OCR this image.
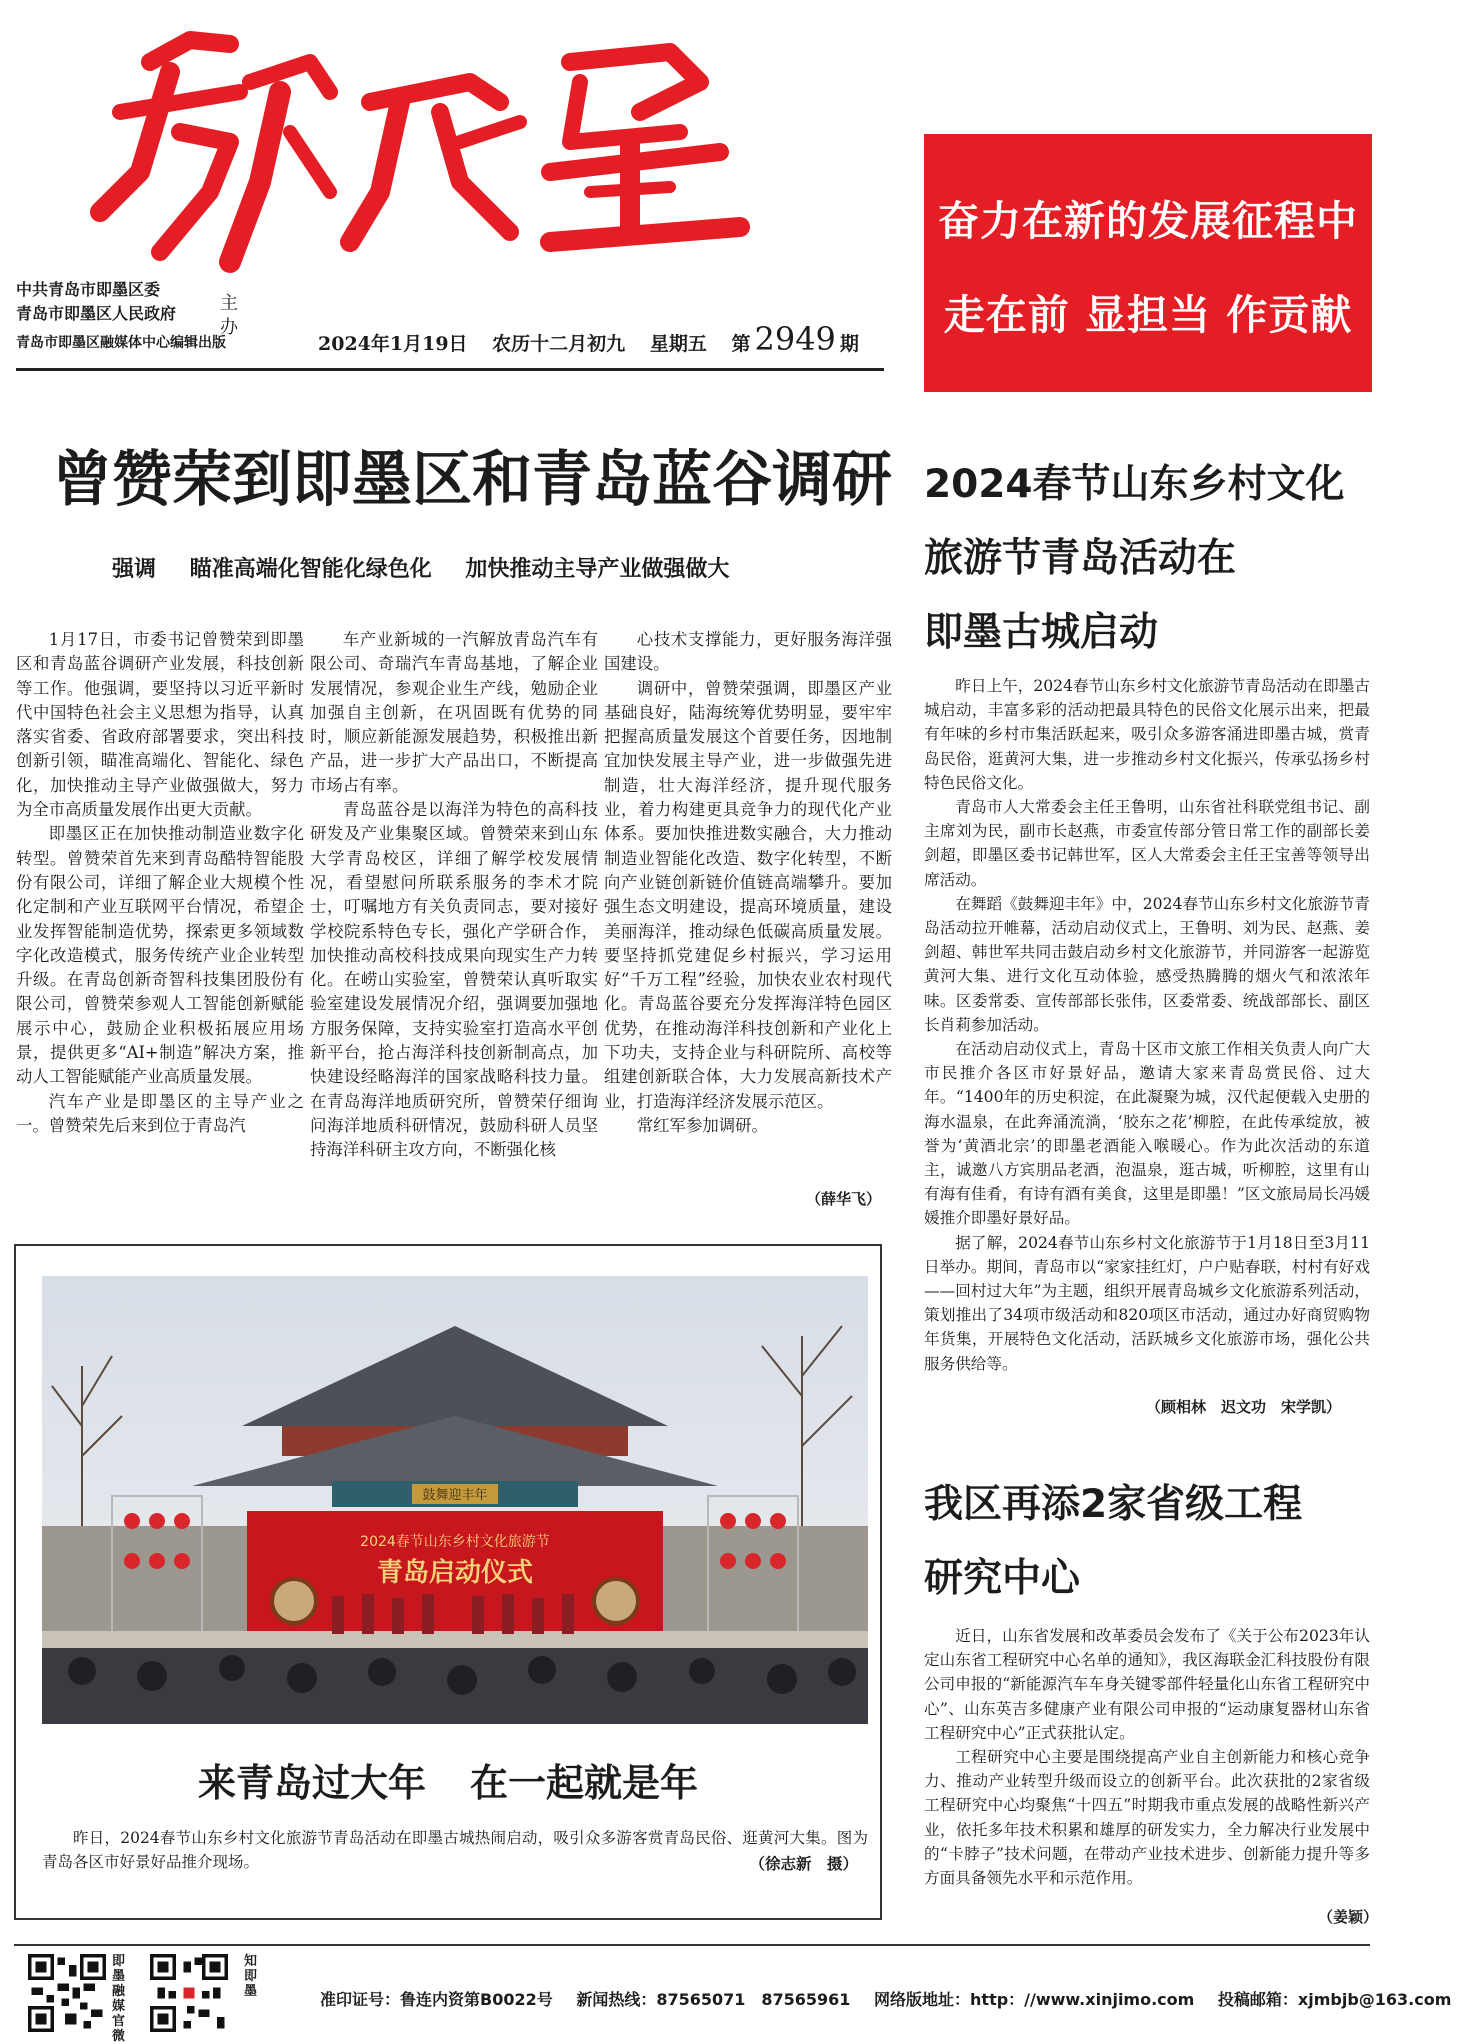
中共青岛市即墨区委
青岛市即墨区人民政府 主办
青岛市即墨区融媒体中心编辑出版	2024年1月19日 农历十二月初九 星期五 第 2949 期
奋力在新的发展征程中
走在前 显担当 作贡献
曾赞荣到即墨区和青岛蓝谷调研
强调 瞄准高端化智能化绿色化 加快推动主导产业做强做大

1月17日，市委书记曾赞荣到即墨区和青岛蓝谷调研产业发展，科技创新等工作。他强调，要坚持以习近平新时代中国特色社会主义思想为指导，认真落实省委、省政府部署要求，突出科技创新引领，瞄准高端化、智能化、绿色化，加快推动主导产业做强做大，努力为全市高质量发展作出更大贡献。

即墨区正在加快推动制造业数字化转型。曾赞荣首先来到青岛酷特智能股份有限公司，详细了解企业大规模个性化定制和产业互联网平台情况，希望企业发挥智能制造优势，探索更多领域数字化改造模式，服务传统产业企业转型升级。在青岛创新奇智科技集团股份有限公司，曾赞荣参观人工智能创新赋能展示中心，鼓励企业积极拓展应用场景，提供更多“AI+制造”解决方案，推动人工智能赋能产业高质量发展。

汽车产业是即墨区的主导产业之一。曾赞荣先后来到位于青岛汽

车产业新城的一汽解放青岛汽车有限公司、奇瑞汽车青岛基地，了解企业发展情况，参观企业生产线，勉励企业加强自主创新，在巩固既有优势的同时，顺应新能源发展趋势，积极推出新产品，进一步扩大产品出口，不断提高市场占有率。

青岛蓝谷是以海洋为特色的高科技研发及产业集聚区域。曾赞荣来到山东大学青岛校区，详细了解学校发展情况，看望慰问所联系服务的李术才院士，叮嘱地方有关负责同志，要对接好学校院系特色专长，强化产学研合作，加快推动高校科技成果向现实生产力转化。在崂山实验室，曾赞荣认真听取实验室建设发展情况介绍，强调要加强地方服务保障，支持实验室打造高水平创新平台，抢占海洋科技创新制高点，加快建设经略海洋的国家战略科技力量。在青岛海洋地质研究所，曾赞荣仔细询问海洋地质科研情况，鼓励科研人员坚持海洋科研主攻方向，不断强化核

心技术支撑能力，更好服务海洋强国建设。

调研中，曾赞荣强调，即墨区产业基础良好，陆海统筹优势明显，要牢牢把握高质量发展这个首要任务，因地制宜加快发展主导产业，进一步做强先进制造，壮大海洋经济，提升现代服务业，着力构建更具竞争力的现代化产业体系。要加快推进数实融合，大力推动制造业智能化改造、数字化转型，不断向产业链创新链价值链高端攀升。要加强生态文明建设，提高环境质量，建设美丽海洋，推动绿色低碳高质量发展。要坚持抓党建促乡村振兴，学习运用好“千万工程”经验，加快农业农村现代化。青岛蓝谷要充分发挥海洋特色园区优势，在推动海洋科技创新和产业化上下功夫，支持企业与科研院所、高校等组建创新联合体，大力发展高新技术产业，打造海洋经济发展示范区。

常红军参加调研。

（薛华飞）
鼓舞迎丰年
2024春节山东乡村文化旅游节
青岛启动仪式
来青岛过大年 在一起就是年

昨日，2024春节山东乡村文化旅游节青岛活动在即墨古城热闹启动，吸引众多游客赏青岛民俗、逛黄河大集。图为青岛各区市好景好品推介现场。	（徐志新　摄）
2024春节山东乡村文化
旅游节青岛活动在
即墨古城启动

昨日上午，2024春节山东乡村文化旅游节青岛活动在即墨古城启动，丰富多彩的活动把最具特色的民俗文化展示出来，把最有年味的乡村市集活跃起来，吸引众多游客涌进即墨古城，赏青岛民俗，逛黄河大集，进一步推动乡村文化振兴，传承弘扬乡村特色民俗文化。

青岛市人大常委会主任王鲁明，山东省社科联党组书记、副主席刘为民，副市长赵燕，市委宣传部分管日常工作的副部长姜剑超，即墨区委书记韩世军，区人大常委会主任王宝善等领导出席活动。

在舞蹈《鼓舞迎丰年》中，2024春节山东乡村文化旅游节青岛活动拉开帷幕，活动启动仪式上，王鲁明、刘为民、赵燕、姜剑超、韩世军共同击鼓启动乡村文化旅游节，并同游客一起游览黄河大集、进行文化互动体验，感受热腾腾的烟火气和浓浓年味。区委常委、宣传部部长张伟，区委常委、统战部部长、副区长肖莉参加活动。

在活动启动仪式上，青岛十区市文旅工作相关负责人向广大市民推介各区市好景好品，邀请大家来青岛赏民俗、过大年。“1400年的历史积淀，在此凝聚为城，汉代起便载入史册的海水温泉，在此奔涌流淌，‘胶东之花’柳腔，在此传承绽放，被誉为‘黄酒北宗’的即墨老酒能入喉暖心。作为此次活动的东道主，诚邀八方宾朋品老酒，泡温泉，逛古城，听柳腔，这里有山有海有佳肴，有诗有酒有美食，这里是即墨！”区文旅局局长冯媛媛推介即墨好景好品。

据了解，2024春节山东乡村文化旅游节于1月18日至3月11日举办。期间，青岛市以“家家挂红灯，户户贴春联，村村有好戏——回村过大年”为主题，组织开展青岛城乡文化旅游系列活动，策划推出了34项市级活动和820项区市活动，通过办好商贸购物年货集，开展特色文化活动，活跃城乡文化旅游市场，强化公共服务供给等。

（顾相林　迟文功　宋学凯）
我区再添2家省级工程
研究中心

近日，山东省发展和改革委员会发布了《关于公布2023年认定山东省工程研究中心名单的通知》，我区海联金汇科技股份有限公司申报的“新能源汽车车身关键零部件轻量化山东省工程研究中心”、山东英吉多健康产业有限公司申报的“运动康复器材山东省工程研究中心”正式获批认定。

工程研究中心主要是围绕提高产业自主创新能力和核心竞争力、推动产业转型升级而设立的创新平台。此次获批的2家省级工程研究中心均聚焦“十四五”时期我市重点发展的战略性新兴产业，依托多年技术积累和雄厚的研发实力，全力解决行业发展中的“卡脖子”技术问题，在带动产业技术进步、创新能力提升等多方面具备领先水平和示范作用。

（姜颖）
即墨融媒官微
知即墨	准印证号：鲁连内资第B0022号 新闻热线：87565071　87565961 网络版地址：http：//www.xinjimo.com 投稿邮箱：xjmbjb@163.com
